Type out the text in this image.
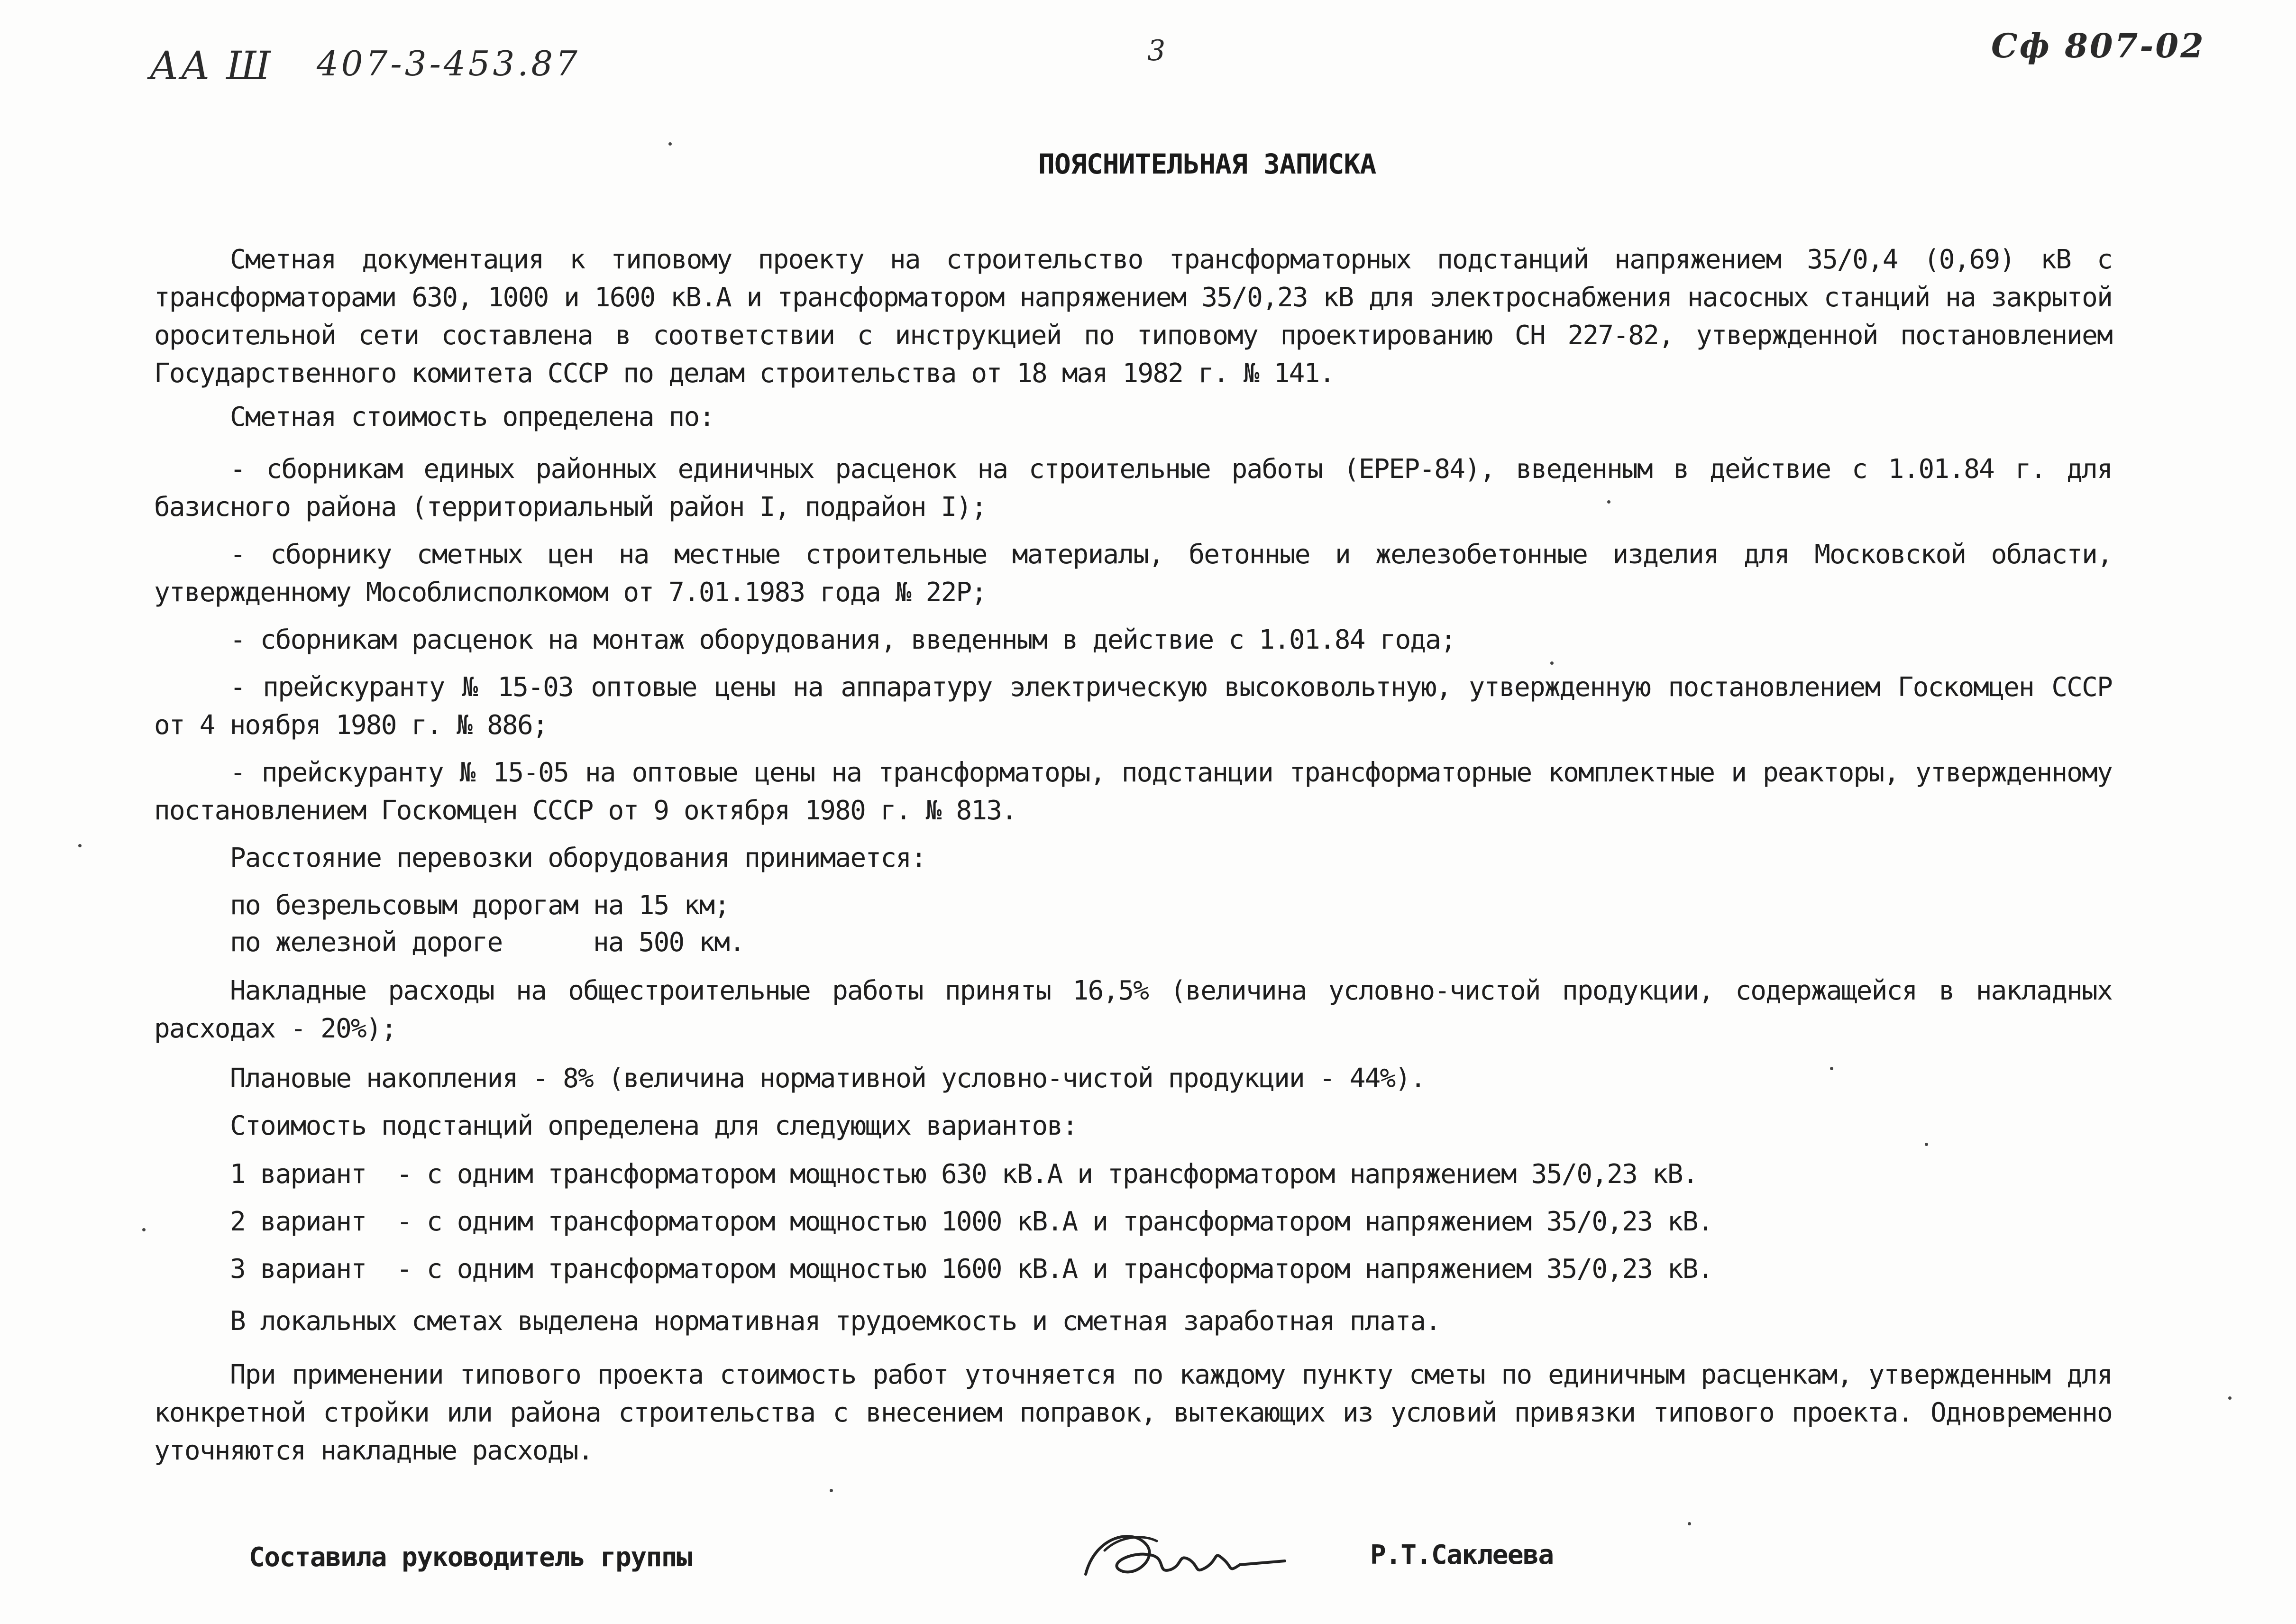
АА Ш 407-3-453.87	3	Сф 807-02
ПОЯСНИТЕЛЬНАЯ ЗАПИСКА
Сметная документация к типовому проекту на строительство трансформаторных подстанций напряжением 35/0,4 (0,69) кВ с трансформаторами 630, 1000 и 1600 кВ.А и трансформатором напряжением 35/0,23 кВ для электроснабжения насосных станций на закрытой оросительной сети составлена в соответствии с инструкцией по типовому проектированию СН 227-82, утвержденной постановлением Государственного комитета СССР по делам строительства от 18 мая 1982 г. № 141.
Сметная стоимость определена по:
- сборникам единых районных единичных расценок на строительные работы (ЕРЕР-84), введенным в действие с 1.01.84 г. для базисного района (территориальный район I, подрайон I);
- сборнику сметных цен на местные строительные материалы, бетонные и железобетонные изделия для Московской области, утвержденному Мособлисполкомом от 7.01.1983 года № 22Р;
- сборникам расценок на монтаж оборудования, введенным в действие с 1.01.84 года;
- прейскуранту № 15-03 оптовые цены на аппаратуру электрическую высоковольтную, утвержденную постановлением Госкомцен СССР от 4 ноября 1980 г. № 886;
- прейскуранту № 15-05 на оптовые цены на трансформаторы, подстанции трансформаторные комплектные и реакторы, утвержденному постановлением Госкомцен СССР от 9 октября 1980 г. № 813.
Расстояние перевозки оборудования принимается:
по безрельсовым дорогам на 15 км;
по железной дороге      на 500 км.
Накладные расходы на общестроительные работы приняты 16,5% (величина условно-чистой продукции, содержащейся в накладных расходах - 20%);
Плановые накопления - 8% (величина нормативной условно-чистой продукции - 44%).
Стоимость подстанций определена для следующих вариантов:
1 вариант  - с одним трансформатором мощностью 630 кВ.А и трансформатором напряжением 35/0,23 кВ.
2 вариант  - с одним трансформатором мощностью 1000 кВ.А и трансформатором напряжением 35/0,23 кВ.
3 вариант  - с одним трансформатором мощностью 1600 кВ.А и трансформатором напряжением 35/0,23 кВ.
В локальных сметах выделена нормативная трудоемкость и сметная заработная плата.
При применении типового проекта стоимость работ уточняется по каждому пункту сметы по единичным расценкам, утвержденным для конкретной стройки или района строительства с внесением поправок, вытекающих из условий привязки типового проекта. Одновременно уточняются накладные расходы.
Составила руководитель группы	Р.Т.Саклеева
